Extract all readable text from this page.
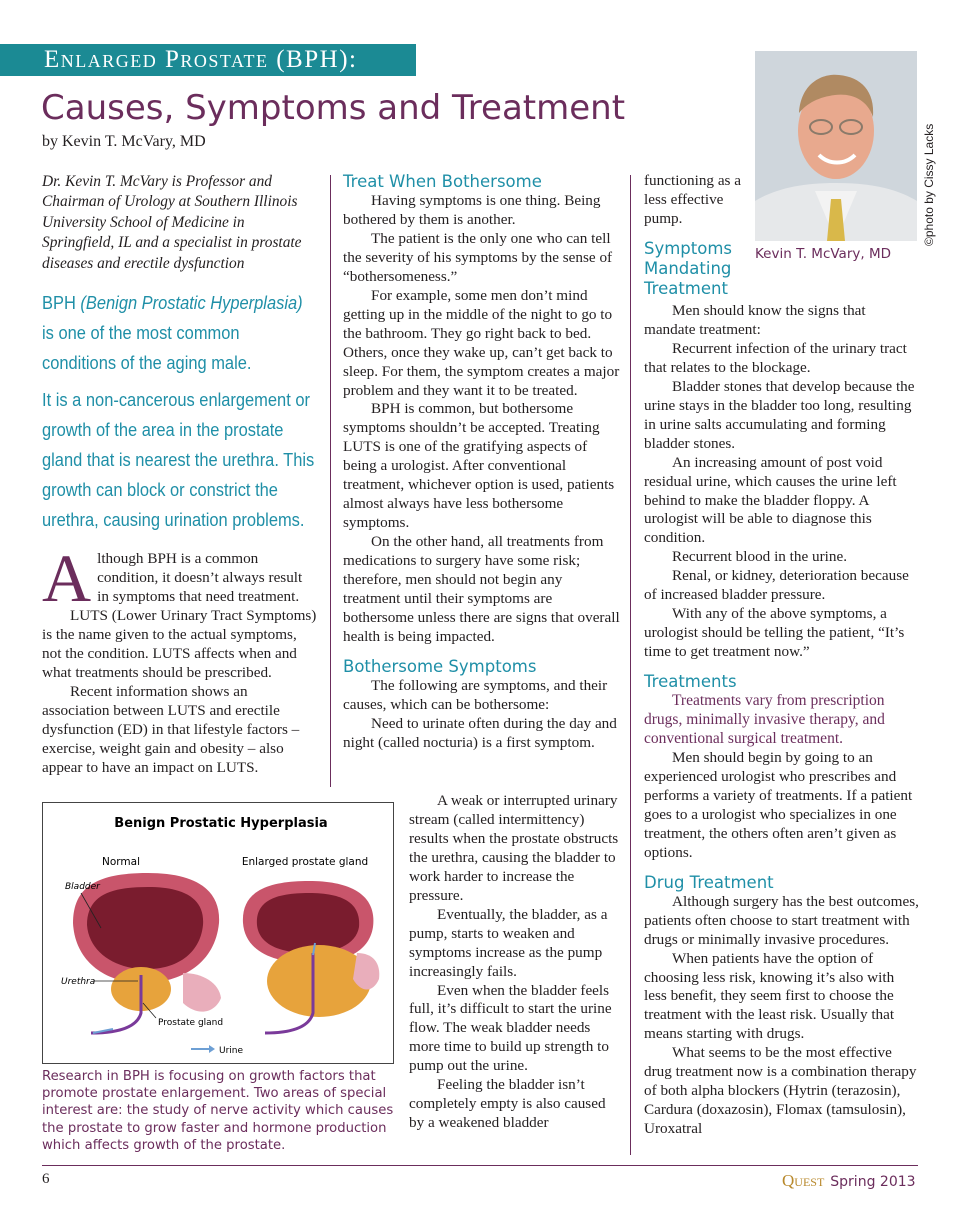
Enlarged Prostate (BPH):
Causes, Symptoms and Treatment
by Kevin T. McVary, MD

Dr. Kevin T. McVary is Professor and Chairman of Urology at Southern Illinois University School of Medicine in Springfield, IL and a specialist in prostate diseases and erectile dysfunction

BPH (Benign Prostatic Hyperplasia) is one of the most common conditions of the aging male.

It is a non-cancerous enlargement or growth of the area in the prostate gland that is nearest the urethra. This growth can block or constrict the urethra, causing urination problems.

Although BPH is a common condition, it doesn’t always result in symptoms that need treatment.

LUTS (Lower Urinary Tract Symptoms) is the name given to the actual symptoms, not the condition. LUTS affects when and what treatments should be prescribed.

Recent information shows an association between LUTS and erectile dysfunction (ED) in that lifestyle factors – exercise, weight gain and obesity – also appear to have an impact on LUTS.

Benign Prostatic Hyperplasia
Normal	Enlarged prostate gland
Bladder
Urethra
Prostate gland
Urine
Research in BPH is focusing on growth factors that promote prostate enlargement. Two areas of special interest are: the study of nerve activity which causes the prostate to grow faster and hormone production which affects growth of the prostate.

Treat When Bothersome

Having symptoms is one thing. Being bothered by them is another.

The patient is the only one who can tell the severity of his symptoms by the sense of “bothersomeness.”

For example, some men don’t mind getting up in the middle of the night to go to the bathroom. They go right back to bed. Others, once they wake up, can’t get back to sleep. For them, the symptom creates a major problem and they want it to be treated.

BPH is common, but bothersome symptoms shouldn’t be accepted. Treating LUTS is one of the gratifying aspects of being a urologist. After conventional treatment, whichever option is used, patients almost always have less bothersome symptoms.

On the other hand, all treatments from medications to surgery have some risk; therefore, men should not begin any treatment until their symptoms are bothersome unless there are signs that overall health is being impacted.

Bothersome Symptoms

The following are symptoms, and their causes, which can be bothersome:

Need to urinate often during the day and night (called nocturia) is a first symptom.

A weak or interrupted urinary stream (called intermittency) results when the prostate obstructs the urethra, causing the bladder to work harder to increase the pressure.

Eventually, the bladder, as a pump, starts to weaken and symptoms increase as the pump increasingly fails.

Even when the bladder feels full, it’s difficult to start the urine flow. The weak bladder needs more time to build up strength to pump out the urine.

Feeling the bladder isn’t completely empty is also caused by a weakened bladder

©photo by Cissy Lacks
Kevin T. McVary, MD

functioning as a less effective pump.

Symptoms Mandating Treatment

Men should know the signs that mandate treatment:

Recurrent infection of the urinary tract that relates to the blockage.

Bladder stones that develop because the urine stays in the bladder too long, resulting in urine salts accumulating and forming bladder stones.

An increasing amount of post void residual urine, which causes the urine left behind to make the bladder floppy. A urologist will be able to diagnose this condition.

Recurrent blood in the urine.

Renal, or kidney, deterioration because of increased bladder pressure.

With any of the above symptoms, a urologist should be telling the patient, “It’s time to get treatment now.”

Treatments

Treatments vary from prescription drugs, minimally invasive therapy, and conventional surgical treatment.

Men should begin by going to an experienced urologist who prescribes and performs a variety of treatments. If a patient goes to a urologist who specializes in one treatment, the others often aren’t given as options.

Drug Treatment

Although surgery has the best outcomes, patients often choose to start treatment with drugs or minimally invasive procedures.

When patients have the option of choosing less risk, knowing it’s also with less benefit, they seem first to choose the treatment with the least risk. Usually that means starting with drugs.

What seems to be the most effective drug treatment now is a combination therapy of both alpha blockers (Hytrin (terazosin), Cardura (doxazosin), Flomax (tamsulosin), Uroxatral

6	Quest Spring 2013
